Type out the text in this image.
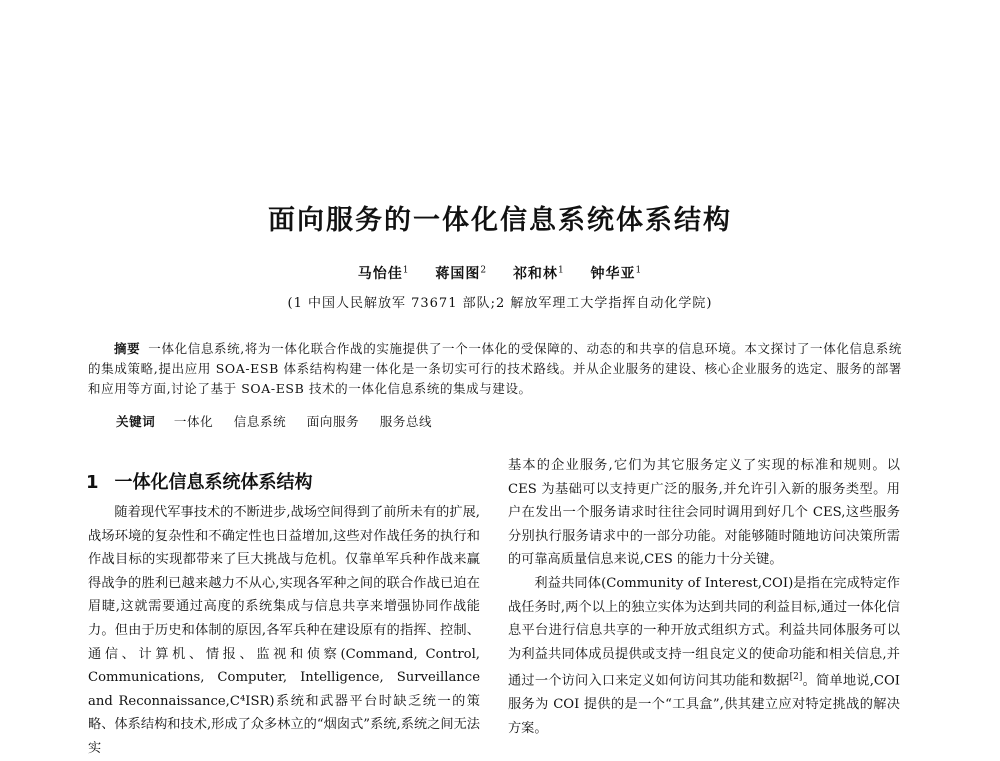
面向服务的一体化信息系统体系结构
马怡佳$^1$ 蒋国图$^2$ 祁和林$^1$ 钟华亚$^1$
(1 中国人民解放军 73671 部队;2 解放军理工大学指挥自动化学院)
摘要 一体化信息系统,将为一体化联合作战的实施提供了一个一体化的受保障的、动态的和共享的信息环境。本文探讨了一体化信息系统的集成策略,提出应用 SOA-ESB 体系结构构建一体化是一条切实可行的技术路线。并从企业服务的建设、核心企业服务的选定、服务的部署和应用等方面,讨论了基于 SOA-ESB 技术的一体化信息系统的集成与建设。
关键词 一体化 信息系统 面向服务 服务总线
1 一体化信息系统体系结构

随着现代军事技术的不断进步,战场空间得到了前所未有的扩展,战场环境的复杂性和不确定性也日益增加,这些对作战任务的执行和作战目标的实现都带来了巨大挑战与危机。仅靠单军兵种作战来赢得战争的胜利已越来越力不从心,实现各军种之间的联合作战已迫在眉睫,这就需要通过高度的系统集成与信息共享来增强协同作战能力。但由于历史和体制的原因,各军兵种在建设原有的指挥、控制、通信、计算机、情报、监视和侦察(Command, Control, Communications, Computer, Intelligence, Surveillance and Reconnaissance,C⁴ISR)系统和武器平台时缺乏统一的策略、体系结构和技术,形成了众多林立的“烟囱式”系统,系统之间无法实

基本的企业服务,它们为其它服务定义了实现的标准和规则。以 CES 为基础可以支持更广泛的服务,并允许引入新的服务类型。用户在发出一个服务请求时往往会同时调用到好几个 CES,这些服务分别执行服务请求中的一部分功能。对能够随时随地访问决策所需的可靠高质量信息来说,CES 的能力十分关键。

利益共同体(Community of Interest,COI)是指在完成特定作战任务时,两个以上的独立实体为达到共同的利益目标,通过一体化信息平台进行信息共享的一种开放式组织方式。利益共同体服务可以为利益共同体成员提供或支持一组良定义的使命功能和相关信息,并通过一个访问入口来定义如何访问其功能和数据[2]。简单地说,COI 服务为 COI 提供的是一个“工具盒”,供其建立应对特定挑战的解决方案。
